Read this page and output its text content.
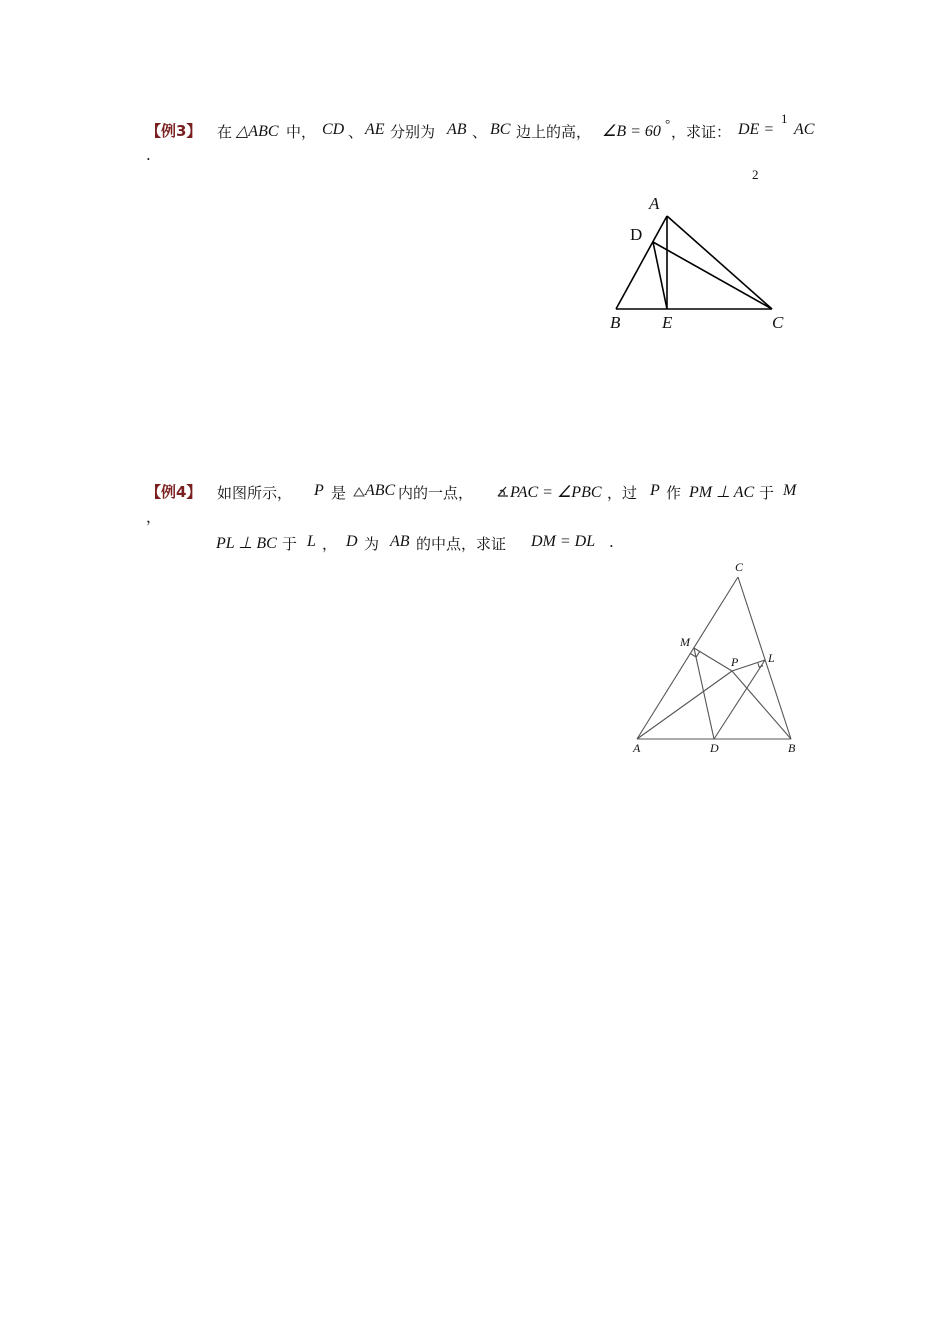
【例3】 在 △ABC 中， CD 、 AE 分别为 AB 、 BC 边上的高， ∠B = 60 ° ，求证： DE =
1
AC
.
2
A
D
B E	C
【例4】 如图所示， P 是 ABC 内的一点， PAC = ∠PBC ，过 P 作 PM ⊥ AC 于 M
，
PL ⊥ BC 于 L ， D 为 AB 的中点，求证 DM = DL .
C
M
P L
A	D	B
